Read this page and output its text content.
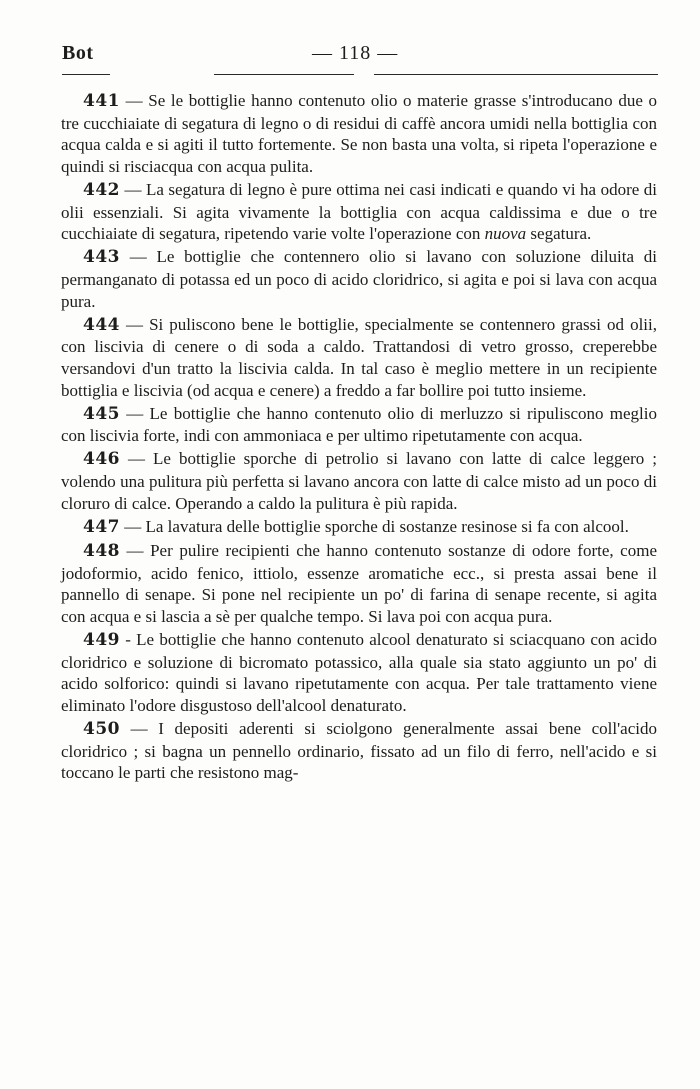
Bot	— 118 —

441 — Se le bottiglie hanno contenuto olio o materie grasse s'introducano due o tre cucchiaiate di segatura di legno o di residui di caffè ancora umidi nella bottiglia con acqua calda e si agiti il tutto fortemente. Se non basta una volta, si ripeta l'operazione e quindi si risciacqua con acqua pulita.

442 — La segatura di legno è pure ottima nei casi indicati e quando vi ha odore di olii essenziali. Si agita vivamente la bottiglia con acqua caldissima e due o tre cucchiaiate di segatura, ripetendo varie volte l'operazione con nuova segatura.

443 — Le bottiglie che contennero olio si lavano con soluzione diluita di permanganato di potassa ed un poco di acido cloridrico, si agita e poi si lava con acqua pura.

444 — Si puliscono bene le bottiglie, specialmente se contennero grassi od olii, con liscivia di cenere o di soda a caldo. Trattandosi di vetro grosso, creperebbe versandovi d'un tratto la liscivia calda. In tal caso è meglio mettere in un recipiente bottiglia e liscivia (od acqua e cenere) a freddo a far bollire poi tutto insieme.

445 — Le bottiglie che hanno contenuto olio di merluzzo si ripuliscono meglio con liscivia forte, indi con ammoniaca e per ultimo ripetutamente con acqua.

446 — Le bottiglie sporche di petrolio si lavano con latte di calce leggero ; volendo una pulitura più perfetta si lavano ancora con latte di calce misto ad un poco di cloruro di calce. Operando a caldo la pulitura è più rapida.

447 — La lavatura delle bottiglie sporche di sostanze resinose si fa con alcool.

448 — Per pulire recipienti che hanno contenuto sostanze di odore forte, come jodoformio, acido fenico, ittiolo, essenze aromatiche ecc., si presta assai bene il pannello di senape. Si pone nel recipiente un po' di farina di senape recente, si agita con acqua e si lascia a sè per qualche tempo. Si lava poi con acqua pura.

449 - Le bottiglie che hanno contenuto alcool denaturato si sciacquano con acido cloridrico e soluzione di bicromato potassico, alla quale sia stato aggiunto un po' di acido solforico: quindi si lavano ripetutamente con acqua. Per tale trattamento viene eliminato l'odore disgustoso dell'alcool denaturato.

450 — I depositi aderenti si sciolgono generalmente assai bene coll'acido cloridrico ; si bagna un pennello ordinario, fissato ad un filo di ferro, nell'acido e si toccano le parti che resistono mag-
